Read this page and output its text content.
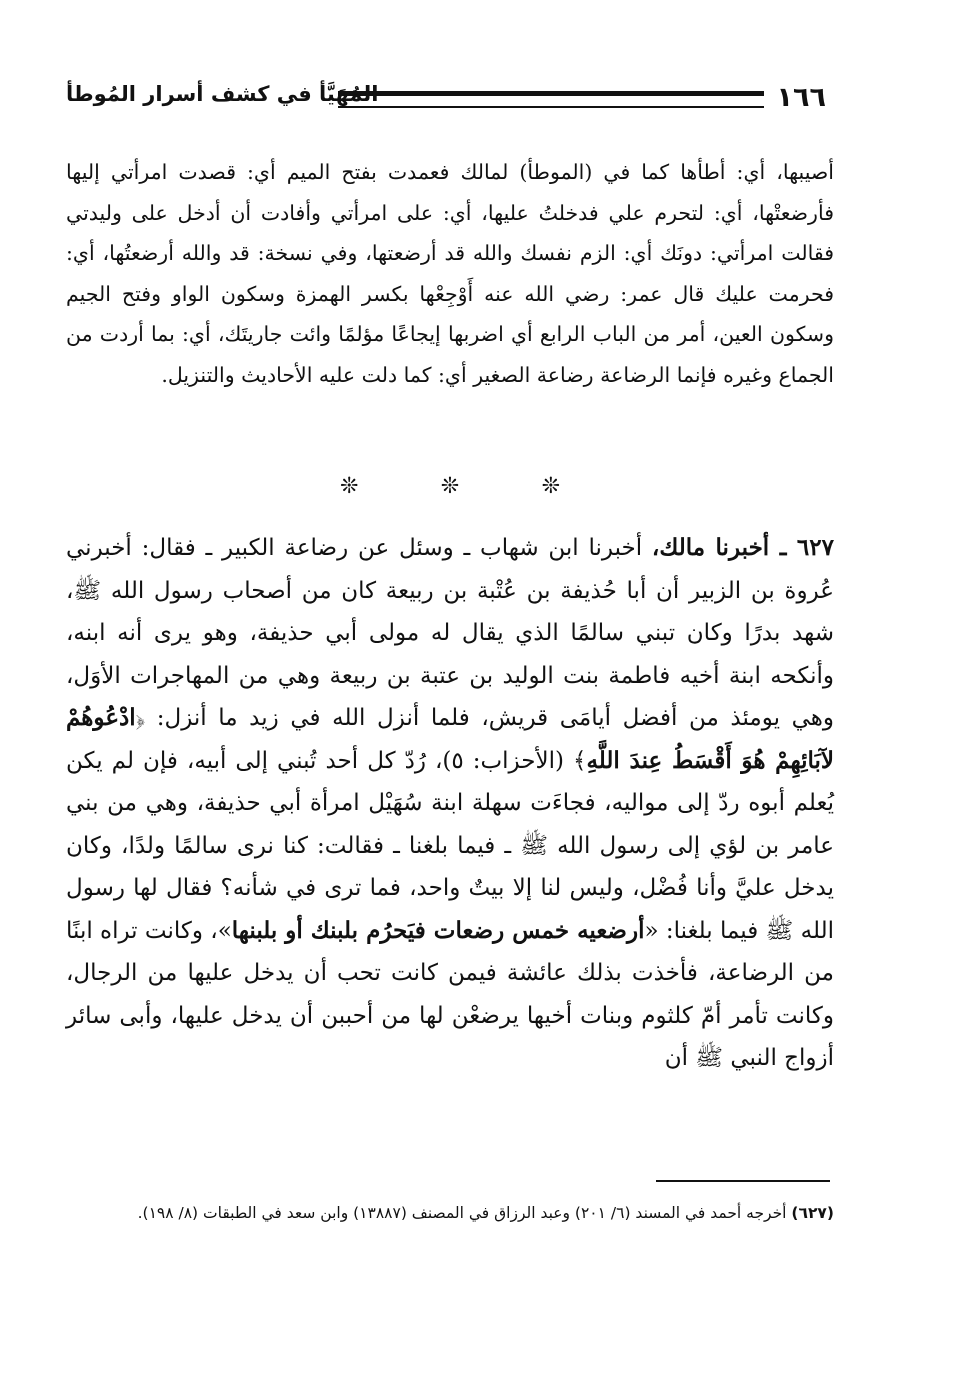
١٦٦
المُهَيَّأ في كشف أسرار المُوطأ

أصيبها، أي: أطأها كما في (الموطأ) لمالك فعمدت بفتح الميم أي: قصدت امرأتي إليها فأرضعتْها، أي: لتحرم علي فدخلتُ عليها، أي: على امرأتي وأفادت أن أدخل على وليدتي فقالت امرأتي: دونَك أي: الزم نفسك والله قد أرضعتها، وفي نسخة: قد والله أرضعتُها، أي: فحرمت عليك قال عمر: رضي الله عنه أَوْجِعْها بكسر الهمزة وسكون الواو وفتح الجيم وسكون العين، أمر من الباب الرابع أي اضربها إيجاعًا مؤلمًا وائت جاريتَك، أي: بما أردت من الجماع وغيره فإنما الرضاعة رضاعة الصغير أي: كما دلت عليه الأحاديث والتنزيل.

❊	❊	❊

٦٢٧ ـ أخبرنا مالك، أخبرنا ابن شهاب ـ وسئل عن رضاعة الكبير ـ فقال: أخبرني عُروة بن الزبير أن أبا حُذيفة بن عُتْبة بن ربيعة كان من أصحاب رسول الله ﷺ، شهد بدرًا وكان تبني سالمًا الذي يقال له مولى أبي حذيفة، وهو يرى أنه ابنه، وأنكحه ابنة أخيه فاطمة بنت الوليد بن عتبة بن ربيعة وهي من المهاجرات الأوَل، وهي يومئذ من أفضل أيامَى قريش، فلما أنزل الله في زيد ما أنزل: ﴿ادْعُوهُمْ لآبَائِهِمْ هُوَ أَقْسَطُ عِندَ اللَّهِ﴾ (الأحزاب: ٥)، رُدّ كل أحد تُبني إلى أبيه، فإن لم يكن يُعلم أبوه ردّ إلى مواليه، فجاءَت سهلة ابنة سُهَيْل امرأة أبي حذيفة، وهي من بني عامر بن لؤي إلى رسول الله ﷺ ـ فيما بلغنا ـ فقالت: كنا نرى سالمًا ولدًا، وكان يدخل عليَّ وأنا فُضْل، وليس لنا إلا بيتٌ واحد، فما ترى في شأنه؟ فقال لها رسول الله ﷺ فيما بلغنا: «أرضعيه خمس رضعات فيَحرُم بلبنك أو بلبنها»، وكانت تراه ابنًا من الرضاعة، فأخذت بذلك عائشة فيمن كانت تحب أن يدخل عليها من الرجال، وكانت تأمر أمّ كلثوم وبنات أخيها يرضعْن لها من أحببن أن يدخل عليها، وأبى سائر أزواج النبي ﷺ أن

(٦٢٧) أخرجه أحمد في المسند (٦/ ٢٠١) وعبد الرزاق في المصنف (١٣٨٨٧) وابن سعد في الطبقات (٨/ ١٩٨).
